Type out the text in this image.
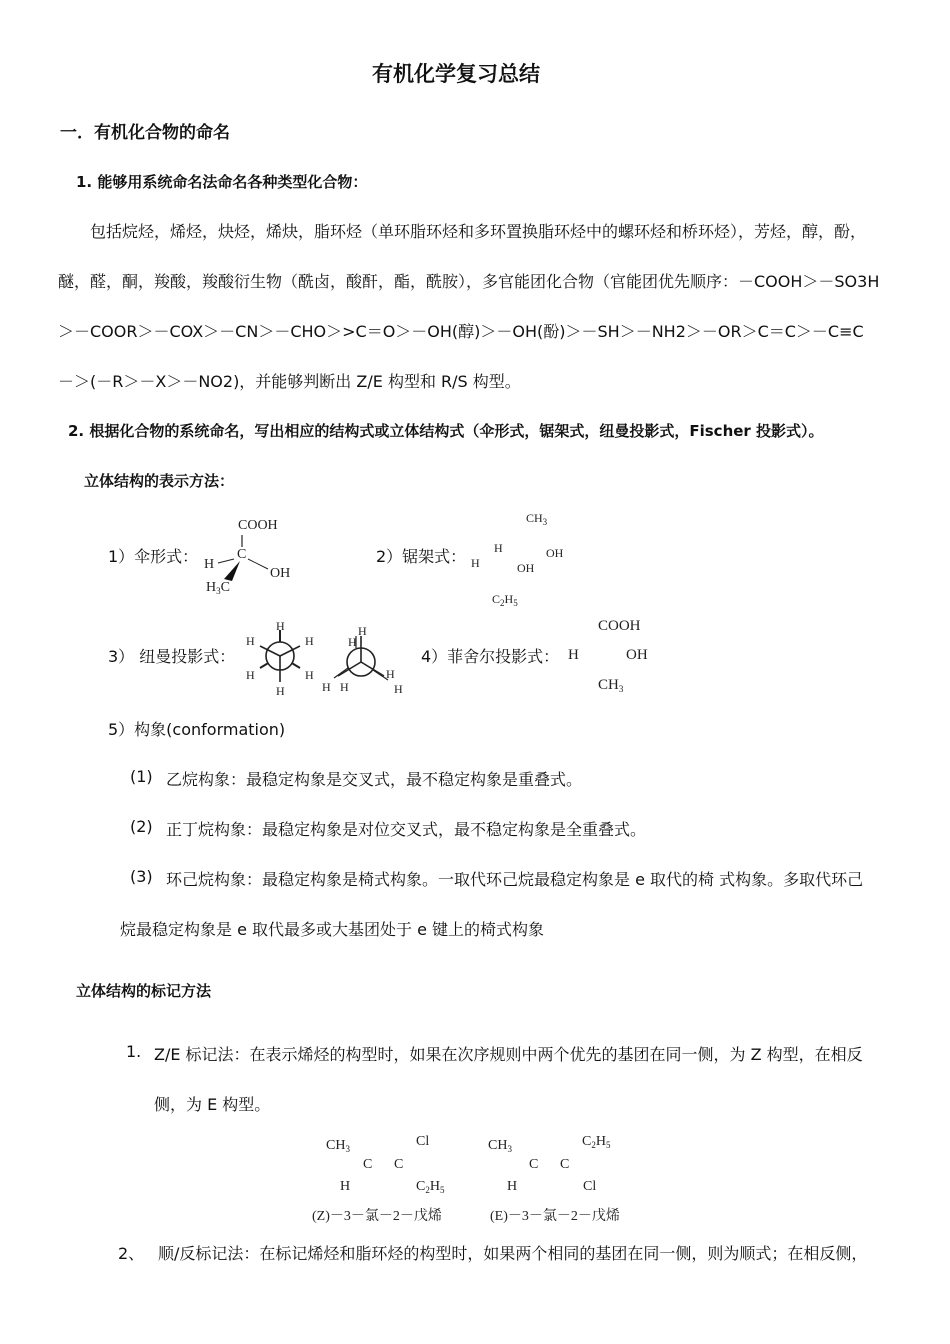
有机化学复习总结
一．有机化合物的命名
1. 能够用系统命名法命名各种类型化合物：
包括烷烃，烯烃，炔烃，烯炔，脂环烃（单环脂环烃和多环置换脂环烃中的螺环烃和桥环烃），芳烃，醇，酚，
醚，醛，酮，羧酸，羧酸衍生物（酰卤，酸酐，酯，酰胺），多官能团化合物（官能团优先顺序：－COOH＞－SO3H
＞－COOR＞－COX＞－CN＞－CHO＞>C＝O＞－OH(醇)＞－OH(酚)＞－SH＞－NH2＞－OR＞C＝C＞－C≡C
－＞(－R＞－X＞－NO2)，并能够判断出 Z/E 构型和 R/S 构型。
2. 根据化合物的系统命名，写出相应的结构式或立体结构式（伞形式，锯架式，纽曼投影式，Fischer 投影式）。
立体结构的表示方法：
1）伞形式：
COOH
C
H
OH
$H_3C$
2）锯架式：
$CH_3$
H	OH
H	OH
$C_2H_5$
3） 纽曼投影式：
H
H	H
H	H
H
H
H
H
H H	H
4）菲舍尔投影式：
COOH
H	OH
$CH_3$
5）构象(conformation)
(1) 乙烷构象：最稳定构象是交叉式，最不稳定构象是重叠式。
(2) 正丁烷构象：最稳定构象是对位交叉式，最不稳定构象是全重叠式。
(3) 环己烷构象：最稳定构象是椅式构象。一取代环己烷最稳定构象是 e 取代的椅 式构象。多取代环己
烷最稳定构象是 e 取代最多或大基团处于 e 键上的椅式构象
立体结构的标记方法
1. Z/E 标记法：在表示烯烃的构型时，如果在次序规则中两个优先的基团在同一侧，为 Z 构型，在相反
侧，为 E 构型。
$CH_3$	Cl
C C
H	$C_2H_5$
(Z)－3－氯－2－戊烯
$CH_3$	$C_2H_5$
C C
H	Cl
(E)－3－氯－2－戊烯
2、 顺/反标记法：在标记烯烃和脂环烃的构型时，如果两个相同的基团在同一侧，则为顺式；在相反侧，
